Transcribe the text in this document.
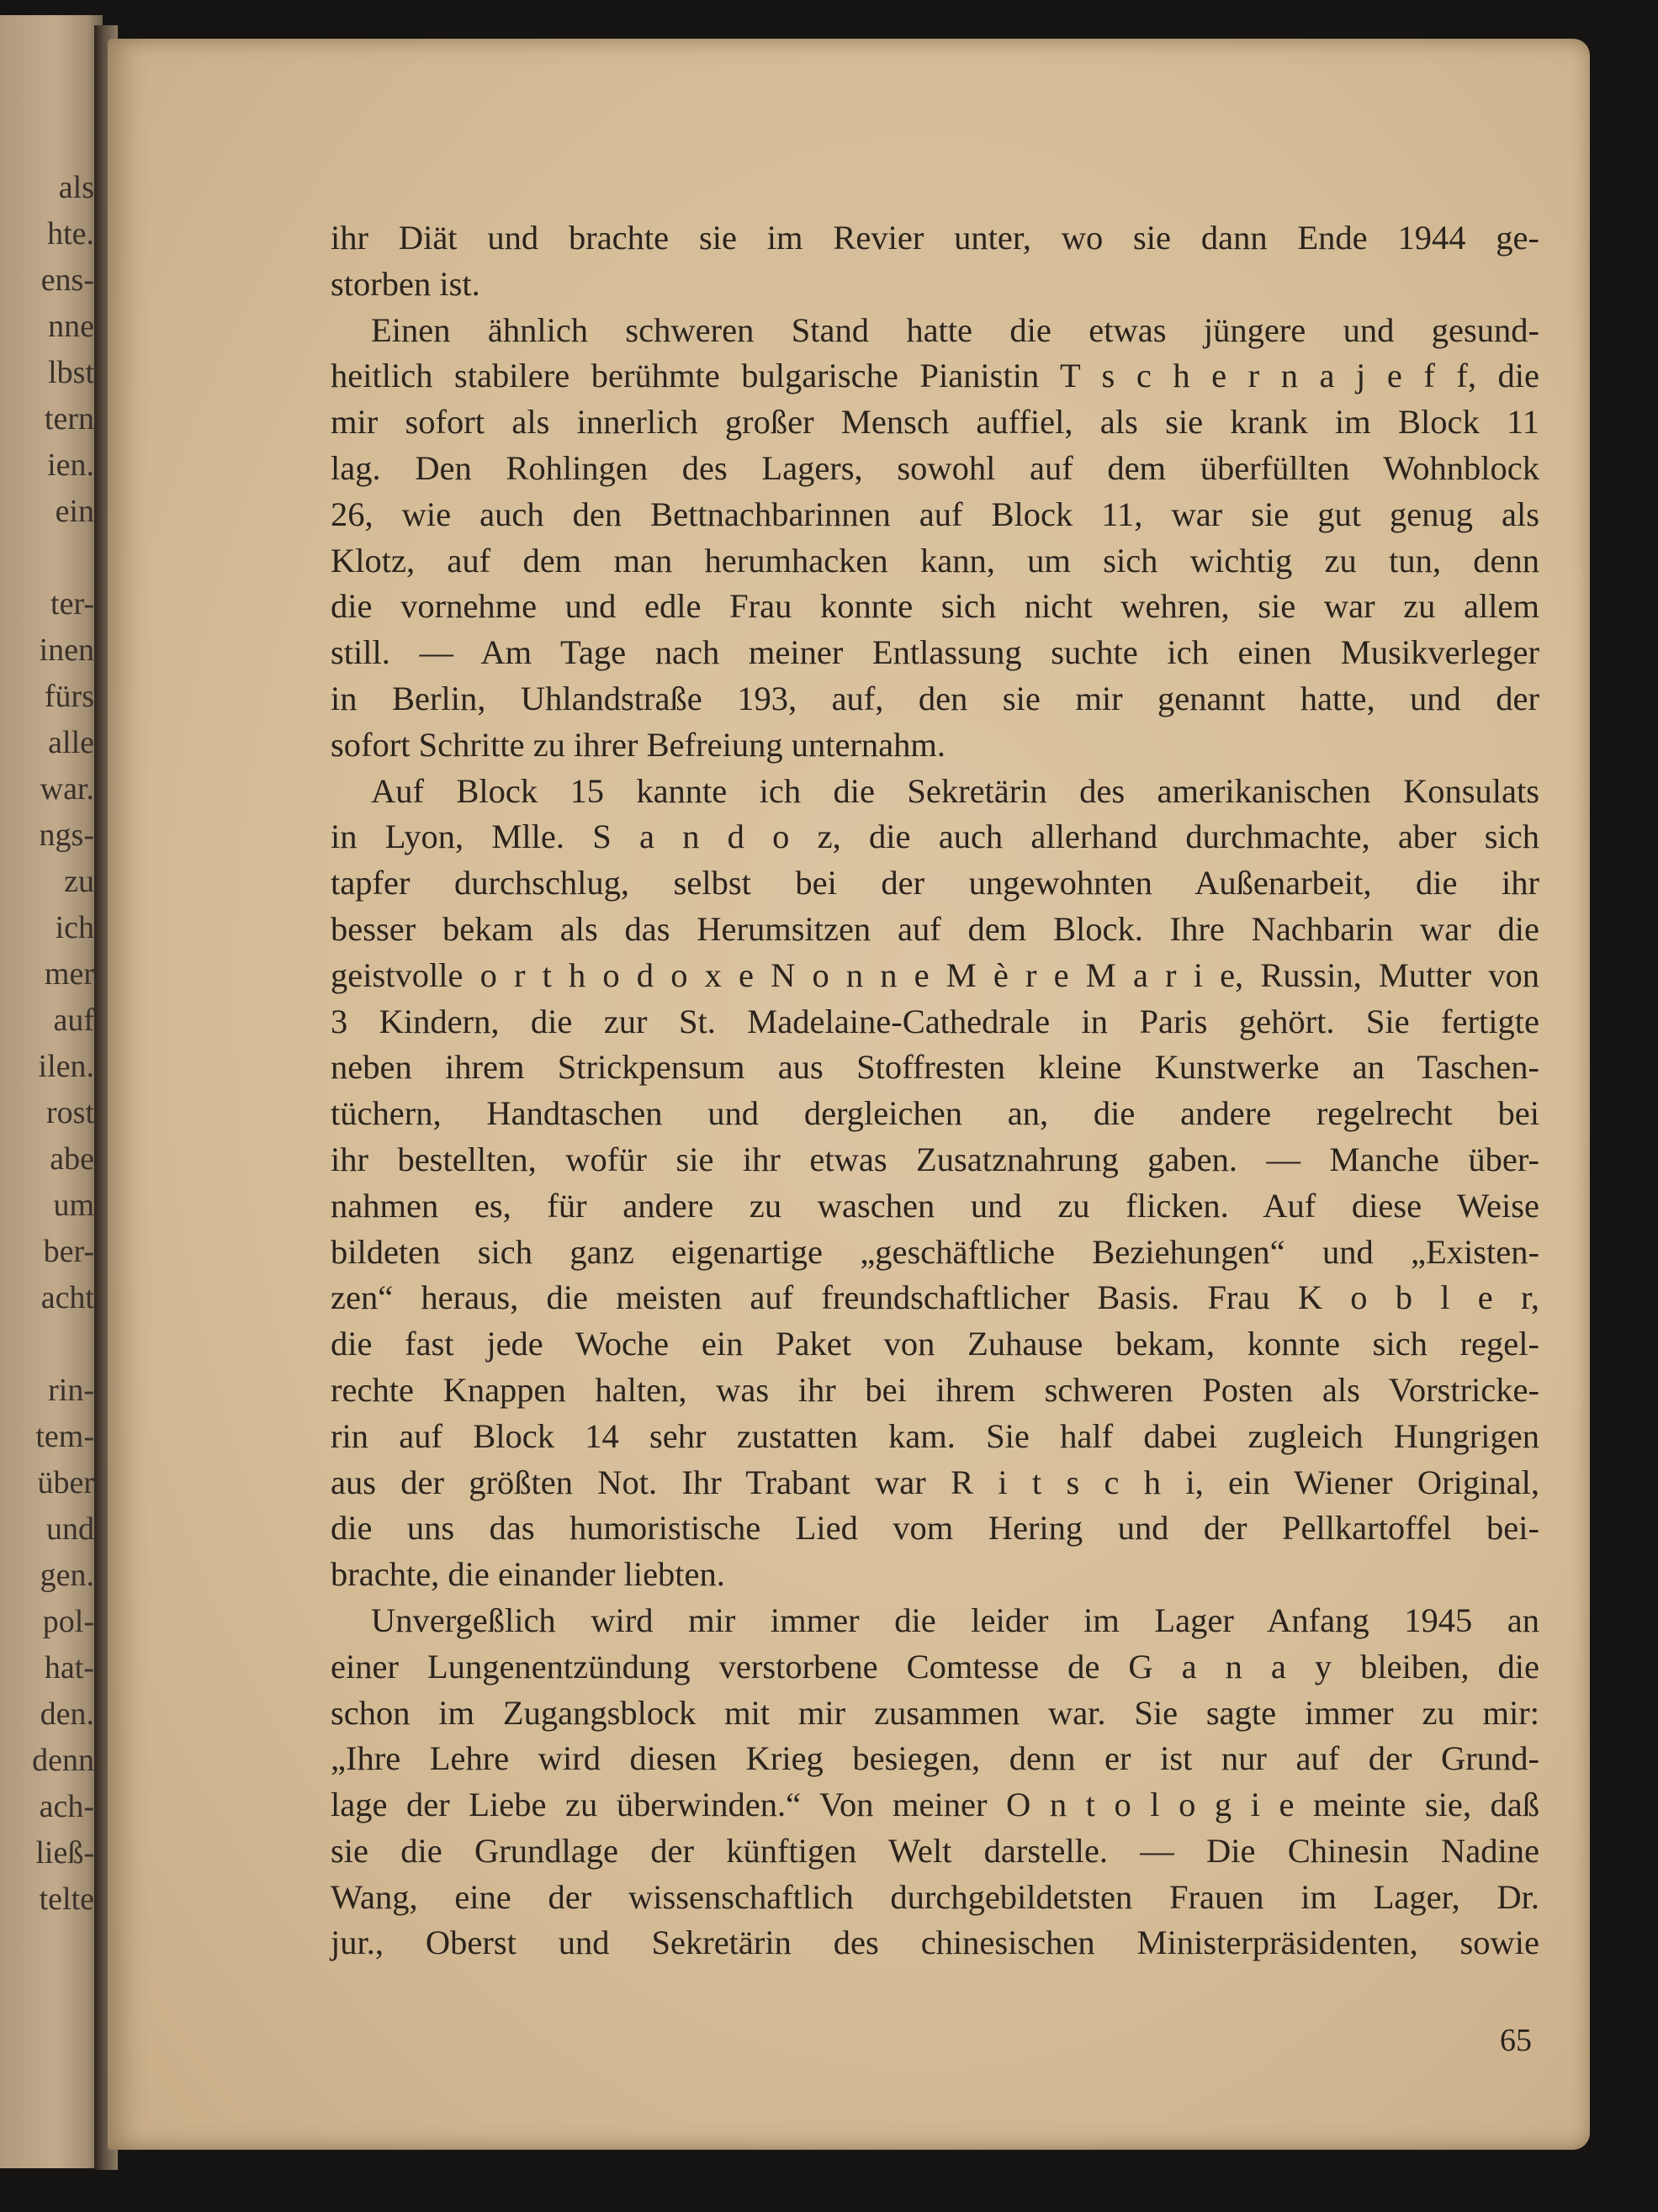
als
hte.
ens-
nne
lbst
tern
ien.
ein
ter-
inen
fürs
alle
war.
ngs-
zu
ich
mer
auf
ilen.
rost
abe
um
ber-
acht
rin-
tem-
über
und
gen.
pol-
hat-
den.
denn
ach-
ließ-
telte
ihr Diät und brachte sie im Revier unter, wo sie dann Ende 1944 ge-
storben ist.
Einen ähnlich schweren Stand hatte die etwas jüngere und gesund-
heitlich stabilere berühmte bulgarische Pianistin T s c h e r n a j e f f, die
mir sofort als innerlich großer Mensch auffiel, als sie krank im Block 11
lag. Den Rohlingen des Lagers, sowohl auf dem überfüllten Wohnblock
26, wie auch den Bettnachbarinnen auf Block 11, war sie gut genug als
Klotz, auf dem man herumhacken kann, um sich wichtig zu tun, denn
die vornehme und edle Frau konnte sich nicht wehren, sie war zu allem
still. — Am Tage nach meiner Entlassung suchte ich einen Musikverleger
in Berlin, Uhlandstraße 193, auf, den sie mir genannt hatte, und der
sofort Schritte zu ihrer Befreiung unternahm.
Auf Block 15 kannte ich die Sekretärin des amerikanischen Konsulats
in Lyon, Mlle. S a n d o z, die auch allerhand durchmachte, aber sich
tapfer durchschlug, selbst bei der ungewohnten Außenarbeit, die ihr
besser bekam als das Herumsitzen auf dem Block. Ihre Nachbarin war die
geistvolle o r t h o d o x e N o n n e M è r e M a r i e, Russin, Mutter von
3 Kindern, die zur St. Madelaine-Cathedrale in Paris gehört. Sie fertigte
neben ihrem Strickpensum aus Stoffresten kleine Kunstwerke an Taschen-
tüchern, Handtaschen und dergleichen an, die andere regelrecht bei
ihr bestellten, wofür sie ihr etwas Zusatznahrung gaben. — Manche über-
nahmen es, für andere zu waschen und zu flicken. Auf diese Weise
bildeten sich ganz eigenartige „geschäftliche Beziehungen“ und „Existen-
zen“ heraus, die meisten auf freundschaftlicher Basis. Frau K o b l e r,
die fast jede Woche ein Paket von Zuhause bekam, konnte sich regel-
rechte Knappen halten, was ihr bei ihrem schweren Posten als Vorstricke-
rin auf Block 14 sehr zustatten kam. Sie half dabei zugleich Hungrigen
aus der größten Not. Ihr Trabant war R i t s c h i, ein Wiener Original,
die uns das humoristische Lied vom Hering und der Pellkartoffel bei-
brachte, die einander liebten.
Unvergeßlich wird mir immer die leider im Lager Anfang 1945 an
einer Lungenentzündung verstorbene Comtesse de G a n a y bleiben, die
schon im Zugangsblock mit mir zusammen war. Sie sagte immer zu mir:
„Ihre Lehre wird diesen Krieg besiegen, denn er ist nur auf der Grund-
lage der Liebe zu überwinden.“ Von meiner O n t o l o g i e meinte sie, daß
sie die Grundlage der künftigen Welt darstelle. — Die Chinesin Nadine
Wang, eine der wissenschaftlich durchgebildetsten Frauen im Lager, Dr.
jur., Oberst und Sekretärin des chinesischen Ministerpräsidenten, sowie
65
